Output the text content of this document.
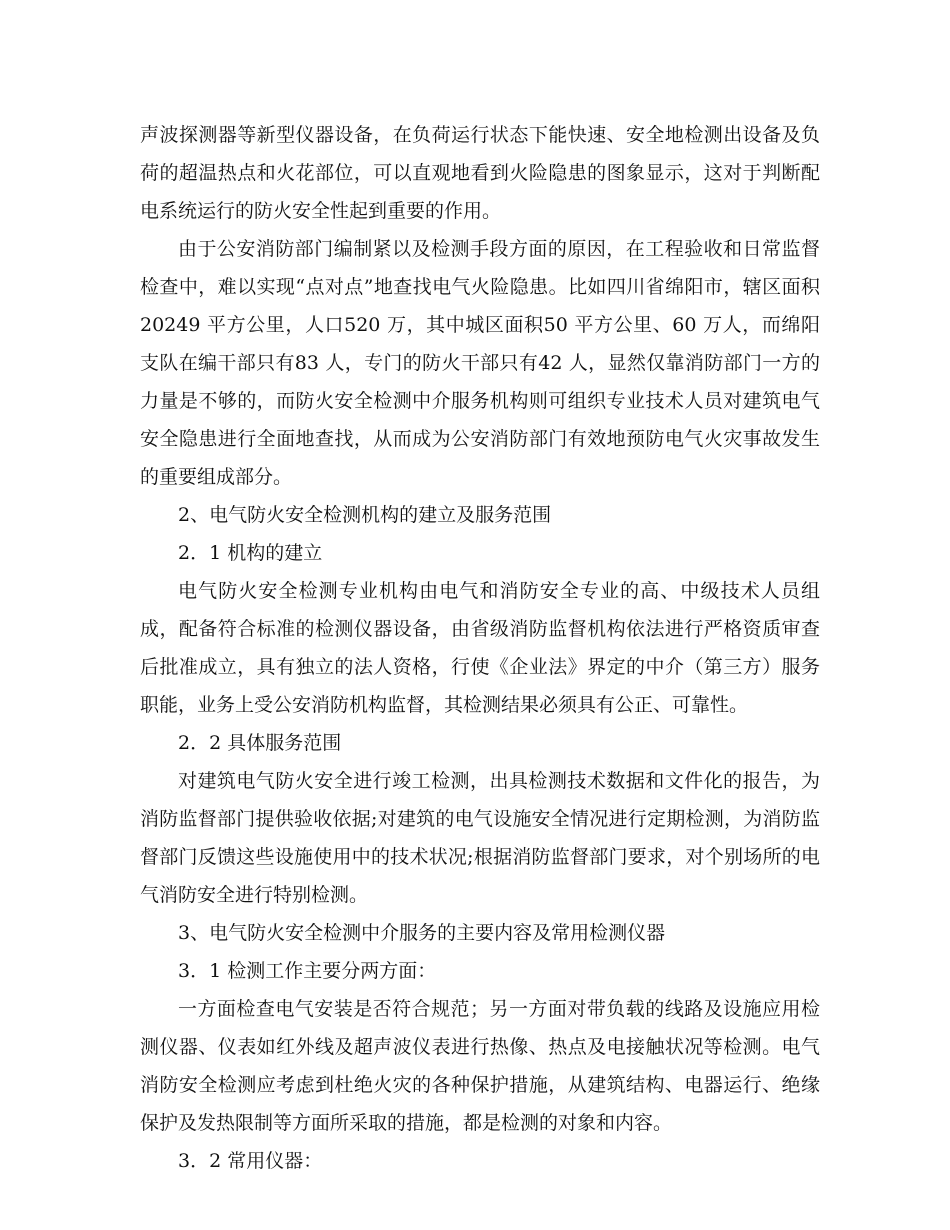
声波探测器等新型仪器设备，在负荷运行状态下能快速、安全地检测出设备及负荷的超温热点和火花部位，可以直观地看到火险隐患的图象显示，这对于判断配电系统运行的防火安全性起到重要的作用。

由于公安消防部门编制紧以及检测手段方面的原因，在工程验收和日常监督检查中，难以实现“点对点”地查找电气火险隐患。比如四川省绵阳市，辖区面积20249 平方公里，人口520 万，其中城区面积50 平方公里、60 万人，而绵阳支队在编干部只有83 人，专门的防火干部只有42 人，显然仅靠消防部门一方的力量是不够的，而防火安全检测中介服务机构则可组织专业技术人员对建筑电气安全隐患进行全面地查找，从而成为公安消防部门有效地预防电气火灾事故发生的重要组成部分。

2、电气防火安全检测机构的建立及服务范围

2．1 机构的建立

电气防火安全检测专业机构由电气和消防安全专业的高、中级技术人员组成，配备符合标准的检测仪器设备，由省级消防监督机构依法进行严格资质审查后批准成立，具有独立的法人资格，行使《企业法》界定的中介（第三方）服务职能，业务上受公安消防机构监督，其检测结果必须具有公正、可靠性。

2．2 具体服务范围

对建筑电气防火安全进行竣工检测，出具检测技术数据和文件化的报告，为消防监督部门提供验收依据;对建筑的电气设施安全情况进行定期检测，为消防监督部门反馈这些设施使用中的技术状况;根据消防监督部门要求，对个别场所的电气消防安全进行特别检测。

3、电气防火安全检测中介服务的主要内容及常用检测仪器

3．1 检测工作主要分两方面：

一方面检查电气安装是否符合规范；另一方面对带负载的线路及设施应用检测仪器、仪表如红外线及超声波仪表进行热像、热点及电接触状况等检测。电气消防安全检测应考虑到杜绝火灾的各种保护措施，从建筑结构、电器运行、绝缘保护及发热限制等方面所采取的措施，都是检测的对象和内容。

3．2 常用仪器：
